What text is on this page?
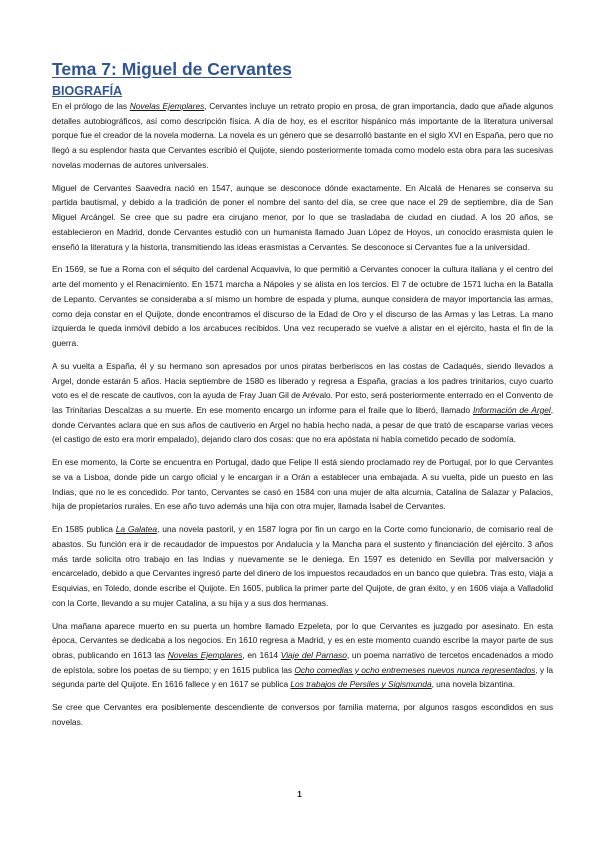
Tema 7: Miguel de Cervantes
BIOGRAFÍA

En el prólogo de las Novelas Ejemplares, Cervantes incluye un retrato propio en prosa, de gran importancia, dado que añade algunos detalles autobiográficos, así como descripción física. A día de hoy, es el escritor hispánico más importante de la literatura universal porque fue el creador de la novela moderna. La novela es un género que se desarrolló bastante en el siglo XVI en España, pero que no llegó a su esplendor hasta que Cervantes escribió el Quijote, siendo posteriormente tomada como modelo esta obra para las sucesivas novelas modernas de autores universales.

Miguel de Cervantes Saavedra nació en 1547, aunque se desconoce dónde exactamente. En Alcalá de Henares se conserva su partida bautismal, y debido a la tradición de poner el nombre del santo del día, se cree que nace el 29 de septiembre, día de San Miguel Arcángel. Se cree que su padre era cirujano menor, por lo que se trasladaba de ciudad en ciudad. A los 20 años, se establecieron en Madrid, donde Cervantes estudió con un humanista llamado Juan López de Hoyos, un conocido erasmista quien le enseñó la literatura y la historia, transmitiendo las ideas erasmistas a Cervantes. Se desconoce si Cervantes fue a la universidad.

En 1569, se fue a Roma con el séquito del cardenal Acquaviva, lo que permitió a Cervantes conocer la cultura italiana y el centro del arte del momento y el Renacimiento. En 1571 marcha a Nápoles y se alista en los tercios. El 7 de octubre de 1571 lucha en la Batalla de Lepanto. Cervantes se consideraba a sí mismo un hombre de espada y pluma, aunque considera de mayor importancia las armas, como deja constar en el Quijote, donde encontramos el discurso de la Edad de Oro y el discurso de las Armas y las Letras. La mano izquierda le queda inmóvil debido a los arcabuces recibidos. Una vez recuperado se vuelve a alistar en el ejército, hasta el fin de la guerra.

A su vuelta a España, él y su hermano son apresados por unos piratas berberiscos en las costas de Cadaqués, siendo llevados a Argel, donde estarán 5 años. Hacia septiembre de 1580 es liberado y regresa a España, gracias a los padres trinitarios, cuyo cuarto voto es el de rescate de cautivos, con la ayuda de Fray Juan Gil de Arévalo. Por esto, será posteriormente enterrado en el Convento de las Trinitarias Descalzas a su muerte. En ese momento encargo un informe para el fraile que lo liberó, llamado Información de Argel, donde Cervantes aclara que en sus años de cautiverio en Argel no había hecho nada, a pesar de que trató de escaparse varias veces (el castigo de esto era morir empalado), dejando claro dos cosas: que no era apóstata ni había cometido pecado de sodomía.

En ese momento, la Corte se encuentra en Portugal, dado que Felipe II está siendo proclamado rey de Portugal, por lo que Cervantes se va a Lisboa, donde pide un cargo oficial y le encargan ir a Orán a establecer una embajada. A su vuelta, pide un puesto en las Indias, que no le es concedido. Por tanto, Cervantes se casó en 1584 con una mujer de alta alcurnia, Catalina de Salazar y Palacios, hija de propietarios rurales. En ese año tuvo además una hija con otra mujer, llamada Isabel de Cervantes.

En 1585 publica La Galatea, una novela pastoril, y en 1587 logra por fin un cargo en la Corte como funcionario, de comisario real de abastos. Su función era ir de recaudador de impuestos por Andalucía y la Mancha para el sustento y financiación del ejército. 3 años más tarde solicita otro trabajo en las Indias y nuevamente se le deniega. En 1597 es detenido en Sevilla por malversación y encarcelado, debido a que Cervantes ingresó parte del dinero de los impuestos recaudados en un banco que quiebra. Tras esto, viaja a Esquivias, en Toledo, donde escribe el Quijote. En 1605, publica la primer parte del Quijote, de gran éxito, y en 1606 viaja a Valladolid con la Corte, llevando a su mujer Catalina, a su hija y a sus dos hermanas.

Una mañana aparece muerto en su puerta un hombre llamado Ezpeleta, por lo que Cervantes es juzgado por asesinato. En esta época, Cervantes se dedicaba a los negocios. En 1610 regresa a Madrid, y es en este momento cuando escribe la mayor parte de sus obras, publicando en 1613 las Novelas Ejemplares, en 1614 Viaje del Parnaso, un poema narrativo de tercetos encadenados a modo de epístola, sobre los poetas de su tiempo; y en 1615 publica las Ocho comedias y ocho entremeses nuevos nunca representados, y la segunda parte del Quijote. En 1616 fallece y en 1617 se publica Los trabajos de Persiles y Sigismunda, una novela bizantina.

Se cree que Cervantes era posiblemente descendiente de conversos por familia materna, por algunos rasgos escondidos en sus novelas.

1
